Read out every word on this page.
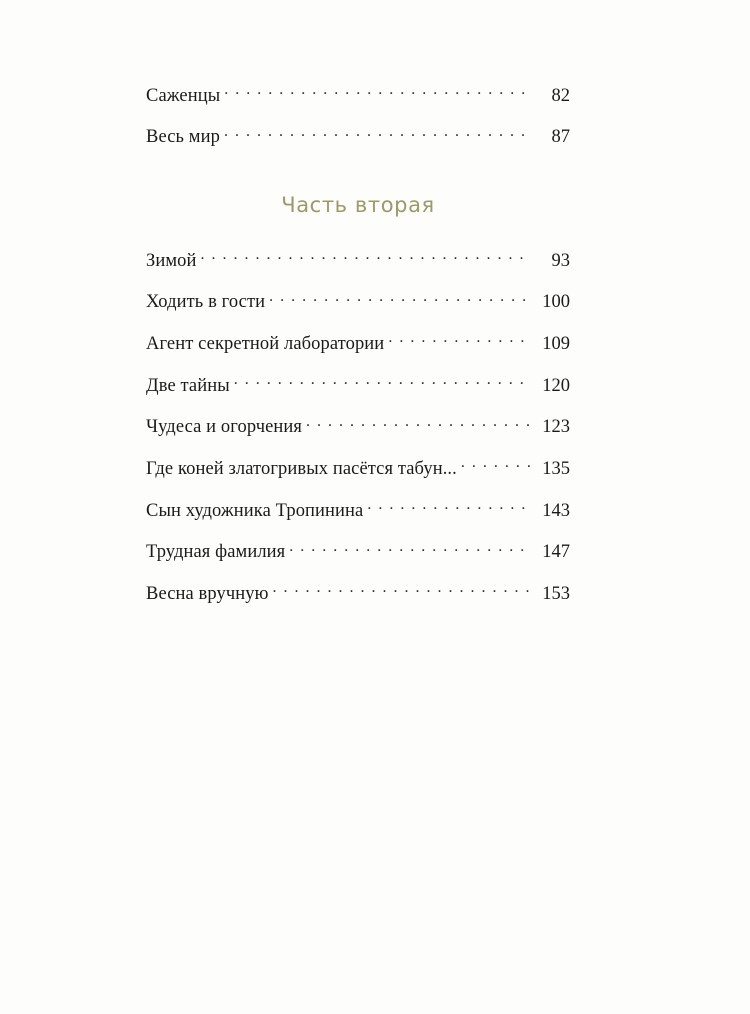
Саженцы . . .	82
Весь мир . . .	87
Часть вторая
Зимой . . .	93
Ходить в гости . . .	100
Агент секретной лаборатории . . .	109
Две тайны . . .	120
Чудеса и огорчения . . .	123
Где коней златогривых пасётся табун... . . .	135
Сын художника Тропинина . . .	143
Трудная фамилия . . .	147
Весна вручную . . .	153
